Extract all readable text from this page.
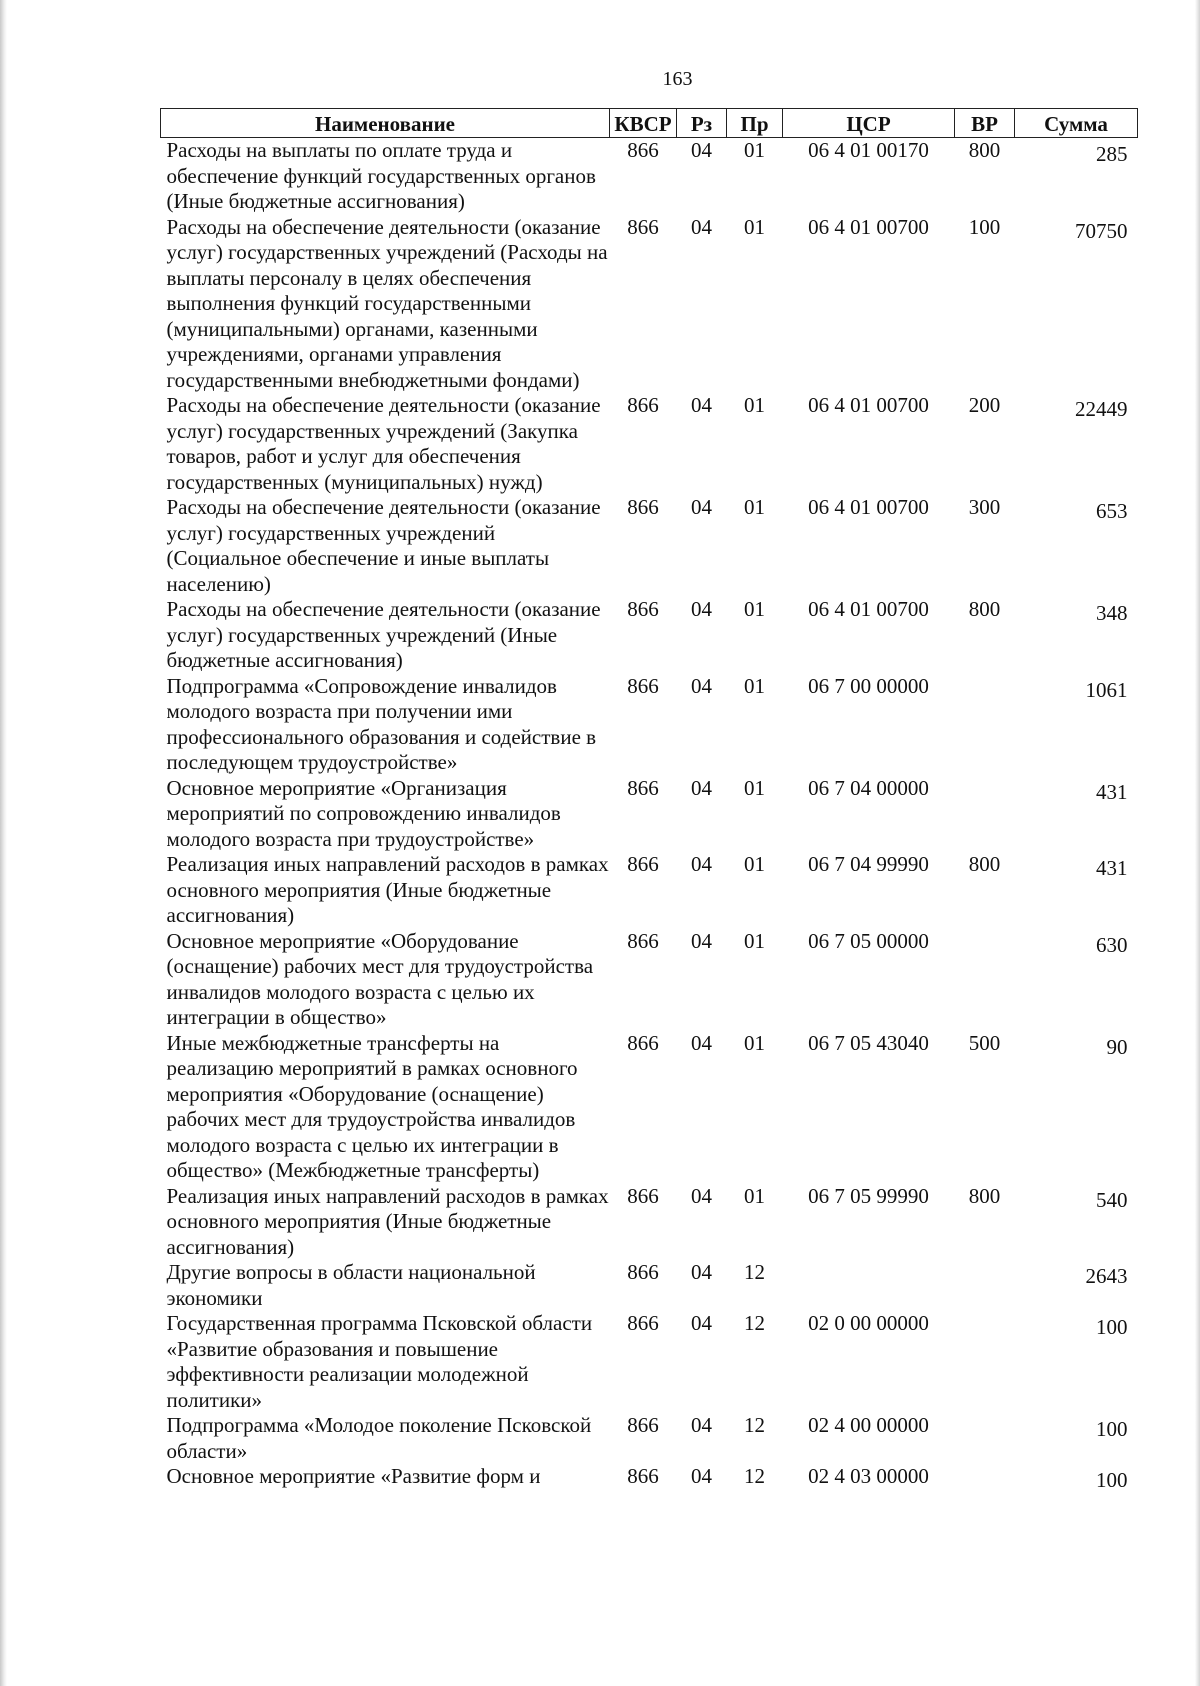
163
Наименование	КВСР	Рз	Пр	ЦСР	ВР	Сумма
Расходы на выплаты по оплате труда и обеспечение функций государственных органов (Иные бюджетные ассигнования)	866	04	01	06 4 01 00170	800	285
Расходы на обеспечение деятельности (оказание услуг) государственных учреждений (Расходы на выплаты персоналу в целях обеспечения выполнения функций государственными (муниципальными) органами, казенными учреждениями, органами управления государственными внебюджетными фондами)	866	04	01	06 4 01 00700	100	70750
Расходы на обеспечение деятельности (оказание услуг) государственных учреждений (Закупка товаров, работ и услуг для обеспечения государственных (муниципальных) нужд)	866	04	01	06 4 01 00700	200	22449
Расходы на обеспечение деятельности (оказание услуг) государственных учреждений (Социальное обеспечение и иные выплаты населению)	866	04	01	06 4 01 00700	300	653
Расходы на обеспечение деятельности (оказание услуг) государственных учреждений (Иные бюджетные ассигнования)	866	04	01	06 4 01 00700	800	348
Подпрограмма «Сопровождение инвалидов молодого возраста при получении ими профессионального образования и содействие в последующем трудоустройстве»	866	04	01	06 7 00 00000		1061
Основное мероприятие «Организация мероприятий по сопровождению инвалидов молодого возраста при трудоустройстве»	866	04	01	06 7 04 00000		431
Реализация иных направлений расходов в рамках основного мероприятия (Иные бюджетные ассигнования)	866	04	01	06 7 04 99990	800	431
Основное мероприятие «Оборудование (оснащение) рабочих мест для трудоустройства инвалидов молодого возраста с целью их интеграции в общество»	866	04	01	06 7 05 00000		630
Иные межбюджетные трансферты на реализацию мероприятий в рамках основного мероприятия «Оборудование (оснащение) рабочих мест для трудоустройства инвалидов молодого возраста с целью их интеграции в общество» (Межбюджетные трансферты)	866	04	01	06 7 05 43040	500	90
Реализация иных направлений расходов в рамках основного мероприятия (Иные бюджетные ассигнования)	866	04	01	06 7 05 99990	800	540
Другие вопросы в области национальной экономики	866	04	12			2643
Государственная программа Псковской области «Развитие образования и повышение эффективности реализации молодежной политики»	866	04	12	02 0 00 00000		100
Подпрограмма «Молодое поколение Псковской области»	866	04	12	02 4 00 00000		100
Основное мероприятие «Развитие форм и	866	04	12	02 4 03 00000		100
